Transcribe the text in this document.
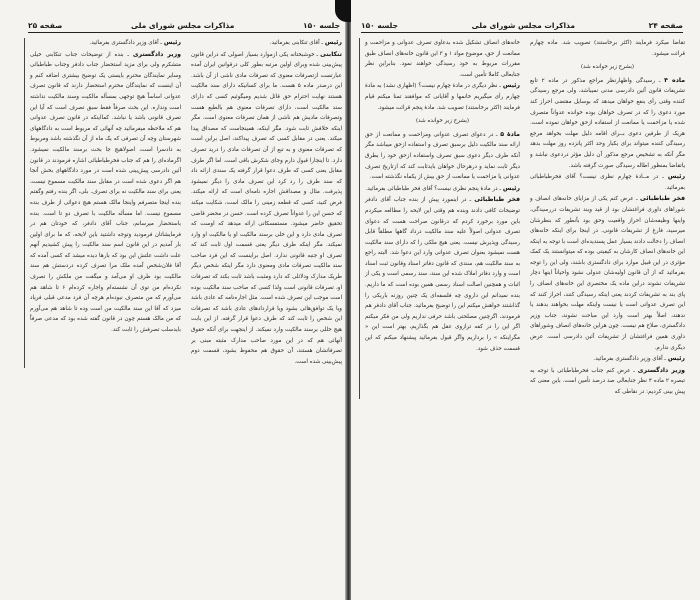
جلسه ۱۵۰
مذاکرات مجلس شورای ملی
صفحه ۲۵

رئیس ـ آقای تنکابنی بفرمائید.

تنکابنی ـ خوشبختانه یکی ازموارد بسیار اصولی که دراین قانون پیش‌بینی شده وبرای اولین مرتبه بطور کلی درقوانین ایران آمده عبارتست ازتصرفات معنوی که تصرفات مادی ناشی از آن باشد. این درصدر ماده ۵ هست. ما برای کسانیکه دارای سند مالکیت هستند نهایت احترام حق قائل شدیم ومیگوئیم کسی که دارای سند مالکیت است، دارای تصرفات معنوی هم بالطبع هست وتصرفات مادیش هم ناشی از همان تصرفات معنوی است. مگر اینکه خلافش ثابت شود. مگر اینکه، همینجاست که مصداق پیدا میکند. یعنی در مقابل کسی که تصرف پیداکند، اصل براین است که تصرفات معنوی و به تبع از آن تصرفات مادی را درید تصرف دارد. تا اینجارا قبول دارم وجای شکرش باقی است. اما اگر طرف مقابل یعنی کسی که طرف دعوا قرار گرفته یک سندی ارائه داد که سند طرف را رد کرد این تصرف مادی را دیگر نمیشود پذیرفت. مثال و مصداقش اجاره نامه‌ای است که ارائه میکند. فرض کنید، کسی که قطعه زمینی را مالک است، شکایت میکند که حسن این را عدواناً تصرف کرده است. حسن در محضر قاضی تحقیق حاضر میشود. مستمسکاتی ارائه میدهد که اوست که تصرف مادی دارد و این خلی برسند مالکیت او یا مالکیت او وارد نمیکند. مگر اینکه طرف دیگر یعنی قسمت اول ثابت کند که تصرف او جنبه قانونی ندارد. اصل براینست که این فرد صاحب سند مالکیت تصرفات مادی ومعنوی دارد مگر اینکه شخص دیگر طریک مدارک ودلائلی که دارد ومثبت باشد ثابت بکند که تصرفات او، تصرفات قانونی است ولذا کسی که صاحب سند مالکیت بوده است موجب این تصرف شده است. مثل اجاره‌نامه که عادی باشد ویا یک توافق‌هائی بشود ویا قرارداد‌های عادی باشد که تصرفات این شخص را ثابت کند که طرف دعوا قرار گرفته. از این بابت هیچ خللی برسند مالکیت وارد نمیکند. از اینجهت برای آنکه حقوق آنهائی هم که در این مورد صاحب مدارک مثبته مبنی بر تصرفاتشان هستند، آن حقوق هم محفوظ بشود، قسمت دوم پیش‌بینی شده است.

رئیس ـ آقای وزیر دادگستری بفرمائید.

وزیر دادگستری ـ بنده از توضیحات جناب تنکابنی خیلی متشکرم ولی برای مزید استحضار جناب دادفر وجناب طباطبائی وسایر نمایندگان محترم بایستی یک توضیح بیشتری اضافه کنم و آن اینست که نمایندگان محترم استحضار دارند که قانون تصرف عدوانی اساساً هیچ توجهی بمسأله مالکیت وسند مالکیت نداشته است ونداره. این بحث صرفاً فقط سبق تصرف است که آیا این تصرف قانونی باشد یا نباشد. کمااینکه در قانون تصرف عدوانی هم که ملاحظه میفرمائید چه آنهائی که مربوط است به دادگاههای شهرستان وچه آن تصرفی که یک ماه از آن نگذشته باشد ومربوط به دادسرا است، اصولاهیچ جا بحث برسند مالکیت نمیشود. اگرماده‌ای را هم که جناب فخرطباطبائی اشاره فرمودند در قانون آئین دادرسی پیش‌بینی شده است در مورد دادگاههای بخش آنجا هم اگر دعوی شده است در مقابل سند مالکیت مسموع نیست، یعنی برای سند مالکیت نه برای تصرف. بلی، اگر بنده رفتم وگفتم بنده اینجا متصرفم واینجا مالک هستم هیچ دعوائی از طرف بنده مسموع نیست. اما مسأله مالکیت با تصرف دو تا است. بنده باستحضار میرسانم، جناب آقای دادفر، که خودتان هم در فرمایشاتان فرمودید وتوجه داشتید باین لایحه، که ما برای اولین بار آمدیم در این قانون اسم سند مالکیت را پیش کشیدیم آنهم علت داشت علتش این بود که بارها دیده میشد که کسی آمده که آقا فلان‌شخص آمده ملک مرا تصرف کرده دردستش هم سند مالکیت بود طرف او می‌آمد و میگفت من ملکش را تصرف نکرده‌ام من توی آن نشسته‌ام واجاره کرده‌ام ۶ تا شاهد هم می‌آورم که من متصرف نبوده‌ام هرچه آن فرد مدعی قبلی فریاد میزد که آقا این سند مالکیت من است وده تا شاهد هم می‌آورم که من مالک هستم چون در قانون گفته شده بود که مدعی صرفاً بایدسلب تصرفش را ثابت کند.

صفحه ۲۴
مذاکرات مجلس شورای ملی
جلسه ۱۵۰

تقاضا میکرد فرمایند (اکثر برخاستند) تصویب شد. ماده چهارم قرائت میشود.

(بشرح زیر خوانده شد)

ماده ۴ ـ رسیدگی واظهارنظر مراجع مذکور در ماده ۲ تابع تشریفات قانون آئین دادرسی مدنی نمیباشد، ولی مرجع رسیدگی کننده وقتی رأی بنفع خواهان میدهد که بوسایل مقتضی احراز کند مورد دعوی را که در تصرف خواهان بوده خوانده عدواناً متصرف شده یا مزاحمت یا ممانعت از استفاده ازحق خواهان نموده است. هریک از طرفین دعوی بــرای اقامه دلیل مهلت بخواهد مرجع رسیدگی کننده میتواند برای یکبار وحد اکثر پانزده روز مهلت بدهد مگر آنکه به تشخیص مرجع مذکور آن دلیل مؤثر دردعوی نباشد و یاتقاضا بمنظور اطاله رسیدگی صورت گرفته باشد.

رئیس ـ در مــادهٔ چهارم نظری نیست؟ آقای فخرطباطبائی بفرمائید.

فخر طباطبائی ـ عرض کنم یکی از مزایای خانه‌های انصاف و شوراهای داوری فراغتشان بود از قید وبند تشریفات دررسیدگی، واینها وظیفه‌شان احراز واقعیت وحق بود بآنطور که بنظرشان میرسید، فارغ از تشریفات قانونی. در اینجا برای اینکه خانه‌های انصاف را دخالت دادند بسیار عمل پسندیده‌ای است با توجه به اینکه این خانه‌های انصاف کارشان به کیفیتی بوده که میتوانستند یک کمک مؤثری در این قبیل موارد برای دادگستری باشند، ولی این را توجه بفرمائید که از آن قانون اولیه‌شان عدولی نشود واحیاناً اینها دچار تشریفات نشوند دراین ماده یک مختصری این خانه‌های انصاف را پای بند به تشریفات کردند یعنی اینکه رسیدگی کنند، احراز کنند که این تصرف عدوانی است یا نیست واینکه مهلت بخواهند بدهند یا ندهند، اصلاً بهتر است وارد این مباحث نشوند، جناب وزیر دادگستری، صلاح هم نیست. چون هراین خانه‌های انصاف وشوراهای داوری همین فراغتشان از تشریفات آئین دادرسی است. عرض دیگری ندارم.

رئیس ـ آقای وزیر دادگستری بفرمائید.

وزیر دادگستری ـ عرض کنم جناب فخرطباطبائی با توجه به تبصره ۲ ماده ۴ نظر جنابعالی صد درصد تأمین است. باین معنی که پیش بینی کردیم: در نقاطی که

خانه‌های انصاف تشکیل شده بدعاوی تصرف عدوانی و مزاحمت و ممانعت از حق، موضوع مواد ۱ و ۳ این قانون خانه‌های انصاف طبق مقررات مربوط به خود رسیدگی خواهند نمود. بنابراین نظر جنابعالی کاملا تأمین است.

رئیس ـ نظر دیگری در مادهٔ چهارم نیست؟ (اظهاری نشد) به مادهٔ چهارم رأی میگیریم خانمها و آقایانی که موافقند تمنا میکنم قیام فرمایند (اکثر برخاستند) تصویب شد. مادهٔ پنجم قرائت میشود.

(بشرح زیر خوانده شد)

مادهٔ ۵ ـ در دعوای تصرف عدوانی ومزاحمت و ممانعت از حق ارائه سند مالکیت دلیل برسبق تصرف و استفاده ازحق میباشد مگر آنکه طرف دیگر دعوی سبق تصرف واستفاده ازحق خود را بطرق دیگر ثابت نماید و درهرحال خواهان بایدثابت کند که ازتاریخ تصرف عدوانی یا مزاحمت یا ممانعت از حق بیش از یکماه نگذشته است.

رئیس ـ در مادهٔ پنجم نظری نیست؟ آقای فخر طباطبائی بفرمائید.

فخر طباطبائی ـ در اینمورد پیش از بنده جناب آقای دادفر توضیحات کافی دادند وبنده هم وقتی این لایحه را مطالعه میکردم باین مورد برخورد کردم که درقانون صراحت هست که دعوای تصرف عدوانی اصولاً علیه سند مالکیت درداد گاهها مطلقاً قابل رسیدگی وپذیرش نیست. یعنی هیچ ملکی را که دارای سند مالکیت هست نمیشود بعنوان تصرف عدوانی وارد این دعوا شد. البته راجع به سند مالکیت هم، سندی که قانون دفاتر اسناد وقانون ثبت اسناد است و وارد دفاتر املاک شده این سند، سند رسمی است و یکی از اثبات و همچنین اصالت اسناد رسمی همین بوده است که ما داریم. بنده نمیدانم این داروی چه فلسفه‌ای یک چنین روزنه باریکی را گذاشتند خواهش میکنم این را توضیح بفرمائید. جناب آقای دادفر هم فرمودند، اگرچنین مصلحتی باشد حرفی نداریم ولی من فکر میکنم اگر این را در کفه ترازوی عقل هم بگذاریم، بهتر است این « مگراینکه » را برداریم واگر قبول بفرمائید پیشنهاد میکنم که این قسمت حذف شود.
